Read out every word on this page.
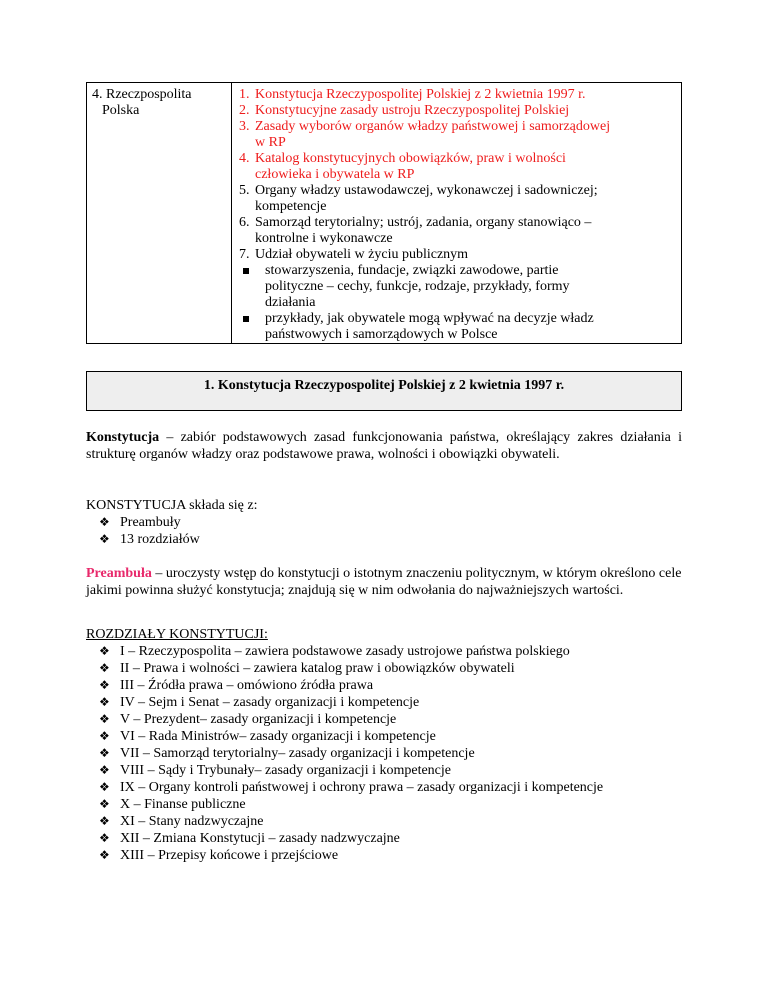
4. Rzeczpospolita
Polska
1. Konstytucja Rzeczypospolitej Polskiej z 2 kwietnia 1997 r.
2. Konstytucyjne zasady ustroju Rzeczypospolitej Polskiej
3. Zasady wyborów organów władzy państwowej i samorządowej
w RP
4. Katalog konstytucyjnych obowiązków, praw i wolności
człowieka i obywatela w RP
5. Organy władzy ustawodawczej, wykonawczej i sadowniczej;
kompetencje
6. Samorząd terytorialny; ustrój, zadania, organy stanowiąco –
kontrolne i wykonawcze
7. Udział obywateli w życiu publicznym
stowarzyszenia, fundacje, związki zawodowe, partie
polityczne – cechy, funkcje, rodzaje, przykłady, formy
działania
przykłady, jak obywatele mogą wpływać na decyzje władz
państwowych i samorządowych w Polsce
1. Konstytucja Rzeczypospolitej Polskiej z 2 kwietnia 1997 r.

Konstytucja – zabiór podstawowych zasad funkcjonowania państwa, określający zakres działania i strukturę organów władzy oraz podstawowe prawa, wolności i obowiązki obywateli.

KONSTYTUCJA składa się z:
❖ Preambuły
❖ 13 rozdziałów

Preambuła – uroczysty wstęp do konstytucji o istotnym znaczeniu politycznym, w którym określono cele jakimi powinna służyć konstytucja; znajdują się w nim odwołania do najważniejszych wartości.

ROZDZIAŁY KONSTYTUCJI:
❖ I – Rzeczypospolita – zawiera podstawowe zasady ustrojowe państwa polskiego
❖ II – Prawa i wolności – zawiera katalog praw i obowiązków obywateli
❖ III – Źródła prawa – omówiono źródła prawa
❖ IV – Sejm i Senat – zasady organizacji i kompetencje
❖ V – Prezydent– zasady organizacji i kompetencje
❖ VI – Rada Ministrów– zasady organizacji i kompetencje
❖ VII – Samorząd terytorialny– zasady organizacji i kompetencje
❖ VIII – Sądy i Trybunały– zasady organizacji i kompetencje
❖ IX – Organy kontroli państwowej i ochrony prawa – zasady organizacji i kompetencje
❖ X – Finanse publiczne
❖ XI – Stany nadzwyczajne
❖ XII – Zmiana Konstytucji – zasady nadzwyczajne
❖ XIII – Przepisy końcowe i przejściowe
